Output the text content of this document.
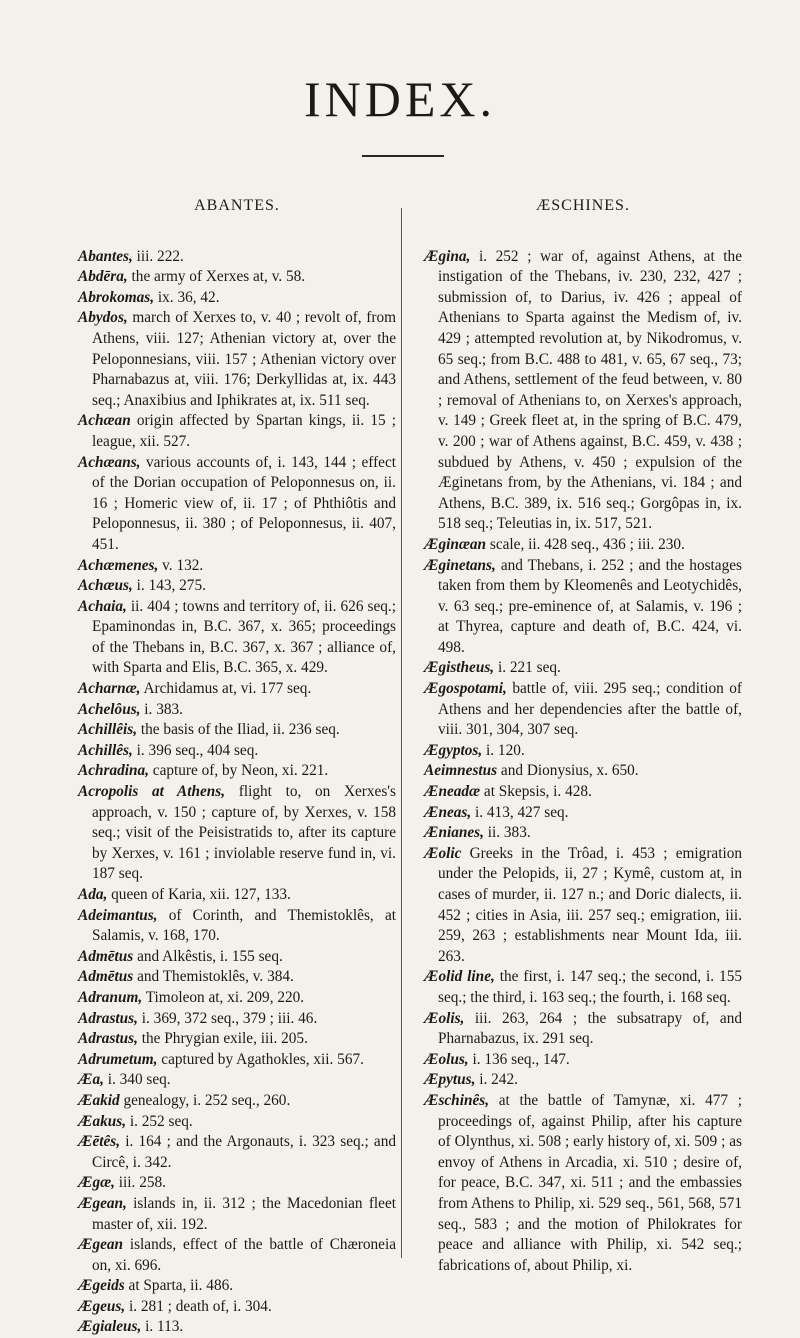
INDEX.
ABANTES.

Abantes, iii. 222.

Abdēra, the army of Xerxes at, v. 58.

Abrokomas, ix. 36, 42.

Abydos, march of Xerxes to, v. 40 ; revolt of, from Athens, viii. 127; Athenian victory at, over the Peloponnesians, viii. 157 ; Athenian victory over Pharnabazus at, viii. 176; Derkyllidas at, ix. 443 seq.; Anaxibius and Iphikrates at, ix. 511 seq.

Achæan origin affected by Spartan kings, ii. 15 ; league, xii. 527.

Achæans, various accounts of, i. 143, 144 ; effect of the Dorian occupation of Peloponnesus on, ii. 16 ; Homeric view of, ii. 17 ; of Phthiôtis and Peloponnesus, ii. 380 ; of Peloponnesus, ii. 407, 451.

Achæmenes, v. 132.

Achæus, i. 143, 275.

Achaia, ii. 404 ; towns and territory of, ii. 626 seq.; Epaminondas in, B.C. 367, x. 365; proceedings of the Thebans in, B.C. 367, x. 367 ; alliance of, with Sparta and Elis, B.C. 365, x. 429.

Acharnæ, Archidamus at, vi. 177 seq.

Achelôus, i. 383.

Achillêis, the basis of the Iliad, ii. 236 seq.

Achillês, i. 396 seq., 404 seq.

Achradina, capture of, by Neon, xi. 221.

Acropolis at Athens, flight to, on Xerxes's approach, v. 150 ; capture of, by Xerxes, v. 158 seq.; visit of the Peisistratids to, after its capture by Xerxes, v. 161 ; inviolable reserve fund in, vi. 187 seq.

Ada, queen of Karia, xii. 127, 133.

Adeimantus, of Corinth, and Themistoklês, at Salamis, v. 168, 170.

Admētus and Alkêstis, i. 155 seq.

Admētus and Themistoklês, v. 384.

Adranum, Timoleon at, xi. 209, 220.

Adrastus, i. 369, 372 seq., 379 ; iii. 46.

Adrastus, the Phrygian exile, iii. 205.

Adrumetum, captured by Agathokles, xii. 567.

Æa, i. 340 seq.

Æakid genealogy, i. 252 seq., 260.

Æakus, i. 252 seq.

Æētês, i. 164 ; and the Argonauts, i. 323 seq.; and Circê, i. 342.

Ægæ, iii. 258.

Ægean, islands in, ii. 312 ; the Macedonian fleet master of, xii. 192.

Ægean islands, effect of the battle of Chæroneia on, xi. 696.

Ægeids at Sparta, ii. 486.

Ægeus, i. 281 ; death of, i. 304.

Ægialeus, i. 113.

ÆSCHINES.

Ægina, i. 252 ; war of, against Athens, at the instigation of the Thebans, iv. 230, 232, 427 ; submission of, to Darius, iv. 426 ; appeal of Athenians to Sparta against the Medism of, iv. 429 ; attempted revolution at, by Nikodromus, v. 65 seq.; from B.C. 488 to 481, v. 65, 67 seq., 73; and Athens, settlement of the feud between, v. 80 ; removal of Athenians to, on Xerxes's approach, v. 149 ; Greek fleet at, in the spring of B.C. 479, v. 200 ; war of Athens against, B.C. 459, v. 438 ; subdued by Athens, v. 450 ; expulsion of the Æginetans from, by the Athenians, vi. 184 ; and Athens, B.C. 389, ix. 516 seq.; Gorgôpas in, ix. 518 seq.; Teleutias in, ix. 517, 521.

Æginæan scale, ii. 428 seq., 436 ; iii. 230.

Æginetans, and Thebans, i. 252 ; and the hostages taken from them by Kleomenês and Leotychidês, v. 63 seq.; pre-eminence of, at Salamis, v. 196 ; at Thyrea, capture and death of, B.C. 424, vi. 498.

Ægistheus, i. 221 seq.

Ægospotami, battle of, viii. 295 seq.; condition of Athens and her dependencies after the battle of, viii. 301, 304, 307 seq.

Ægyptos, i. 120.

Aeimnestus and Dionysius, x. 650.

Æneadæ at Skepsis, i. 428.

Æneas, i. 413, 427 seq.

Ænianes, ii. 383.

Æolic Greeks in the Trôad, i. 453 ; emigration under the Pelopids, ii, 27 ; Kymê, custom at, in cases of murder, ii. 127 n.; and Doric dialects, ii. 452 ; cities in Asia, iii. 257 seq.; emigration, iii. 259, 263 ; establishments near Mount Ida, iii. 263.

Æolid line, the first, i. 147 seq.; the second, i. 155 seq.; the third, i. 163 seq.; the fourth, i. 168 seq.

Æolis, iii. 263, 264 ; the subsatrapy of, and Pharnabazus, ix. 291 seq.

Æolus, i. 136 seq., 147.

Æpytus, i. 242.

Æschinês, at the battle of Tamynæ, xi. 477 ; proceedings of, against Philip, after his capture of Olynthus, xi. 508 ; early history of, xi. 509 ; as envoy of Athens in Arcadia, xi. 510 ; desire of, for peace, B.C. 347, xi. 511 ; and the embassies from Athens to Philip, xi. 529 seq., 561, 568, 571 seq., 583 ; and the motion of Philokrates for peace and alliance with Philip, xi. 542 seq.; fabrications of, about Philip, xi.
